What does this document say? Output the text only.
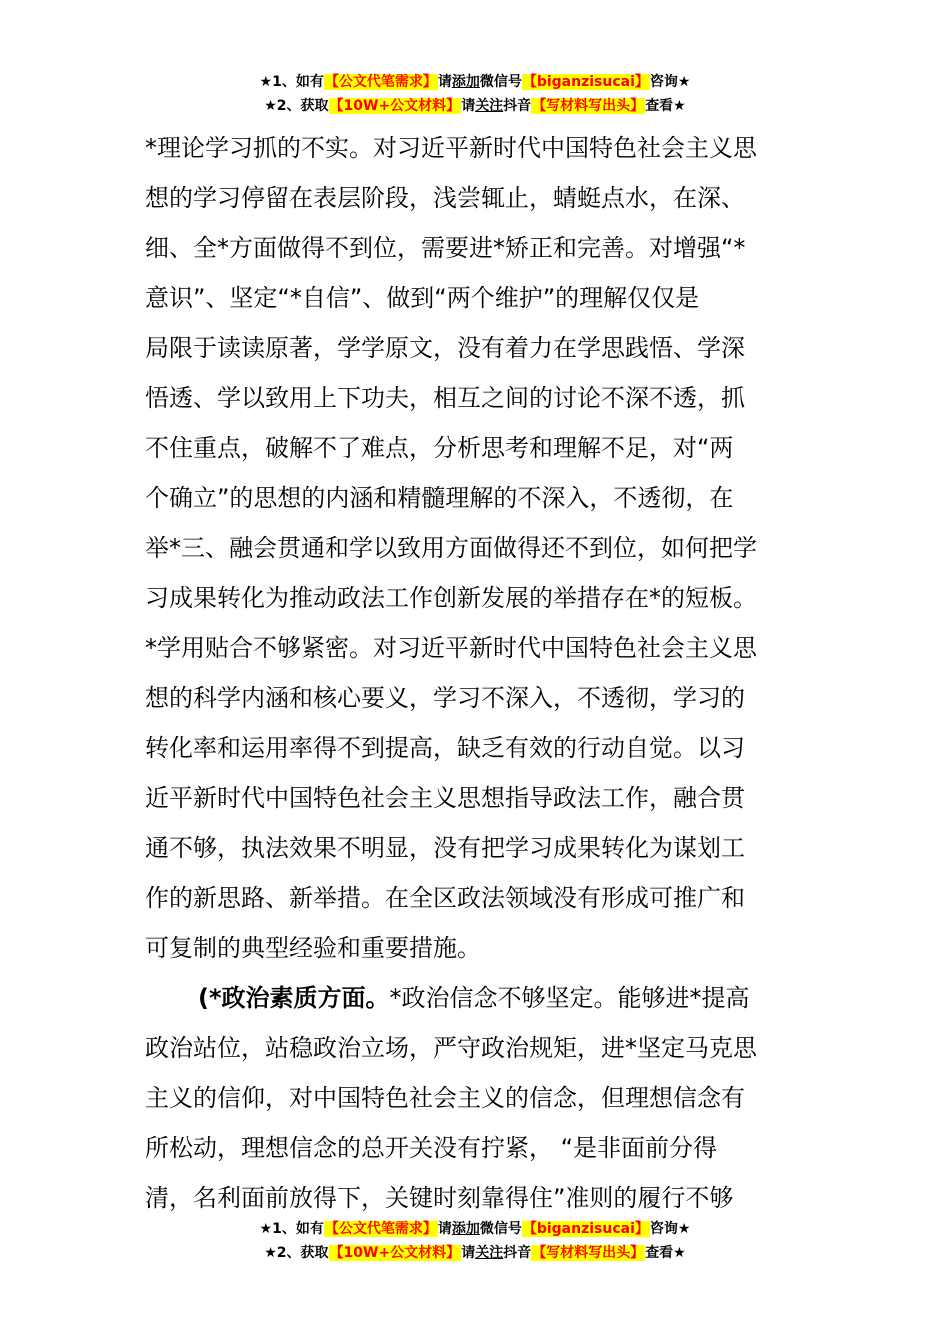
★1、如有【公文代笔需求】请添加微信号【biganzisucai】咨询★
★2、获取【10W+公文材料】请关注抖音【写材料写出头】查看★
*理论学习抓的不实。对习近平新时代中国特色社会主义思
想的学习停留在表层阶段，浅尝辄止，蜻蜓点水，在深、
细、全*方面做得不到位，需要进*矫正和完善。对增强“*
意识”、坚定“*自信”、做到“两个维护”的理解仅仅是
局限于读读原著，学学原文，没有着力在学思践悟、学深
悟透、学以致用上下功夫，相互之间的讨论不深不透，抓
不住重点，破解不了难点，分析思考和理解不足，对“两
个确立”的思想的内涵和精髓理解的不深入，不透彻，在
举*三、融会贯通和学以致用方面做得还不到位，如何把学
习成果转化为推动政法工作创新发展的举措存在*的短板。
*学用贴合不够紧密。对习近平新时代中国特色社会主义思
想的科学内涵和核心要义，学习不深入，不透彻，学习的
转化率和运用率得不到提高，缺乏有效的行动自觉。以习
近平新时代中国特色社会主义思想指导政法工作，融合贯
通不够，执法效果不明显，没有把学习成果转化为谋划工
作的新思路、新举措。在全区政法领域没有形成可推广和
可复制的典型经验和重要措施。
(*政治素质方面。*政治信念不够坚定。能够进*提高
政治站位，站稳政治立场，严守政治规矩，进*坚定马克思
主义的信仰，对中国特色社会主义的信念，但理想信念有
所松动，理想信念的总开关没有拧紧， “是非面前分得
清，名利面前放得下，关键时刻靠得住”准则的履行不够
★1、如有【公文代笔需求】请添加微信号【biganzisucai】咨询★
★2、获取【10W+公文材料】请关注抖音【写材料写出头】查看★
